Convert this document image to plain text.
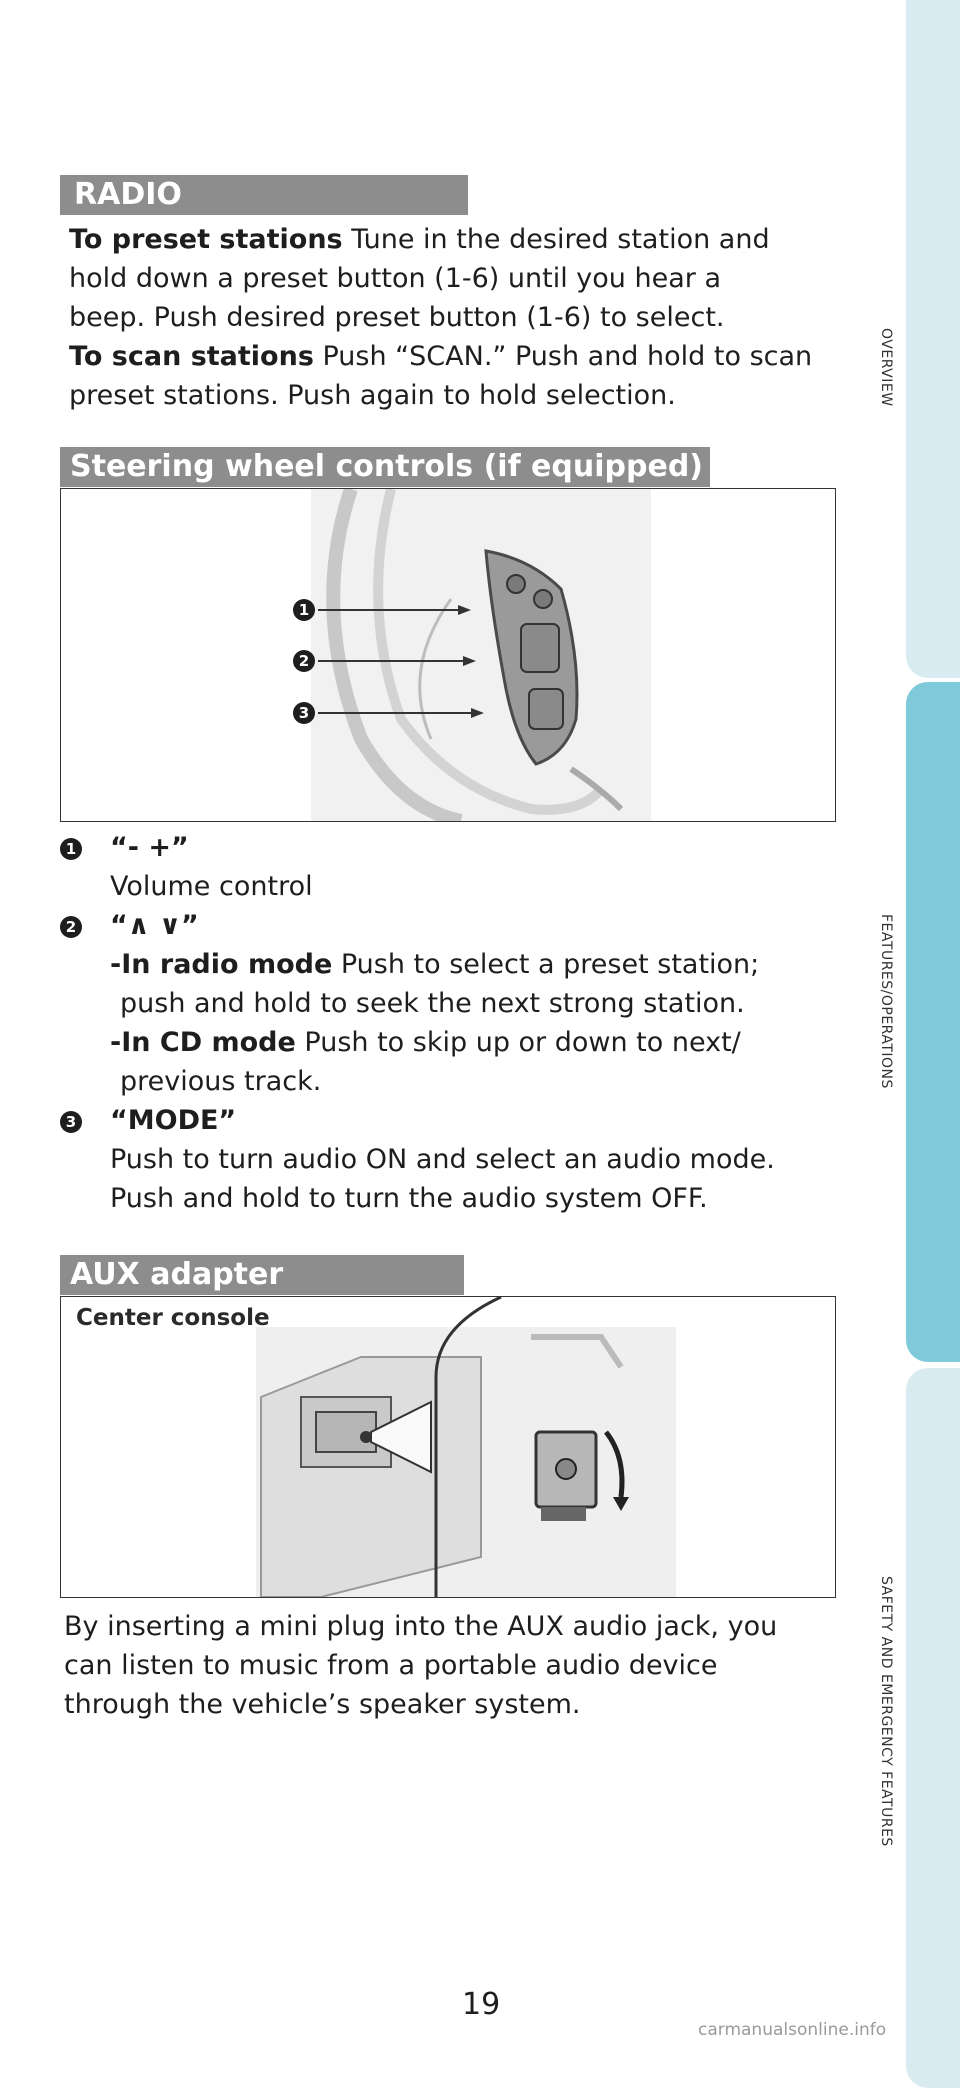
OVERVIEW
FEATURES/OPERATIONS
SAFETY AND EMERGENCY FEATURES
RADIO
To preset stations Tune in the desired station and
hold down a preset button (1-6) until you hear a
beep. Push desired preset button (1-6) to select.
To scan stations Push “SCAN.” Push and hold to scan
preset stations. Push again to hold selection.
Steering wheel controls (if equipped)
1
2
3
1
2
3
“- +”
Volume control
“∧ ∨”
-In radio mode Push to select a preset station;
push and hold to seek the next strong station.
-In CD mode Push to skip up or down to next/
previous track.
“MODE”
Push to turn audio ON and select an audio mode.
Push and hold to turn the audio system OFF.
AUX adapter
Center console
By inserting a mini plug into the AUX audio jack, you
can listen to music from a portable audio device
through the vehicle’s speaker system.
19
carmanualsonline.info
